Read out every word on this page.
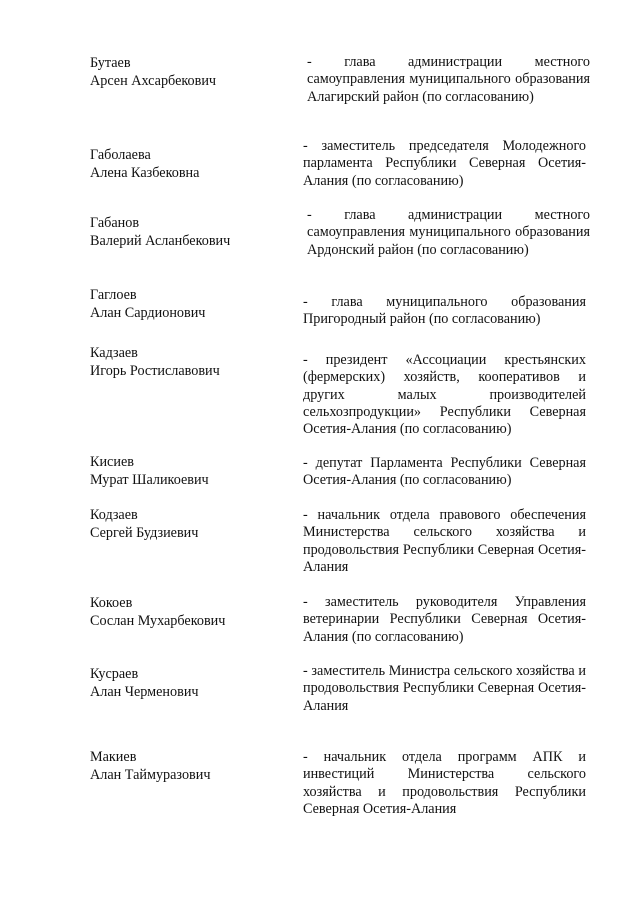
Бутаев
Арсен Ахсарбекович
- глава администрации местного самоуправления муниципального образования Алагирский район (по согласованию)
Габолаева
Алена Казбековна
- заместитель председателя Молодежного парламента Республики Северная Осетия-Алания (по согласованию)
Габанов
Валерий Асланбекович
- глава администрации местного самоуправления муниципального образования Ардонский район (по согласованию)
Гаглоев
Алан Сардионович
- глава муниципального образования Пригородный район (по согласованию)
Кадзаев
Игорь Ростиславович
- президент «Ассоциации крестьянских (фермерских) хозяйств, кооперативов и других малых производителей сельхозпродукции» Республики Северная Осетия-Алания (по согласованию)
Кисиев
Мурат Шаликоевич
- депутат Парламента Республики Северная Осетия-Алания (по согласованию)
Кодзаев
Сергей Будзиевич
- начальник отдела правового обеспечения Министерства сельского хозяйства и продовольствия Республики Северная Осетия-Алания
Кокоев
Сослан Мухарбекович
- заместитель руководителя Управления ветеринарии Республики Северная Осетия-Алания (по согласованию)
Кусраев
Алан Черменович
- заместитель Министра сельского хозяйства и продовольствия Республики Северная Осетия-Алания
Макиев
Алан Таймуразович
- начальник отдела программ АПК и инвестиций Министерства сельского хозяйства и продовольствия Республики Северная Осетия-Алания
